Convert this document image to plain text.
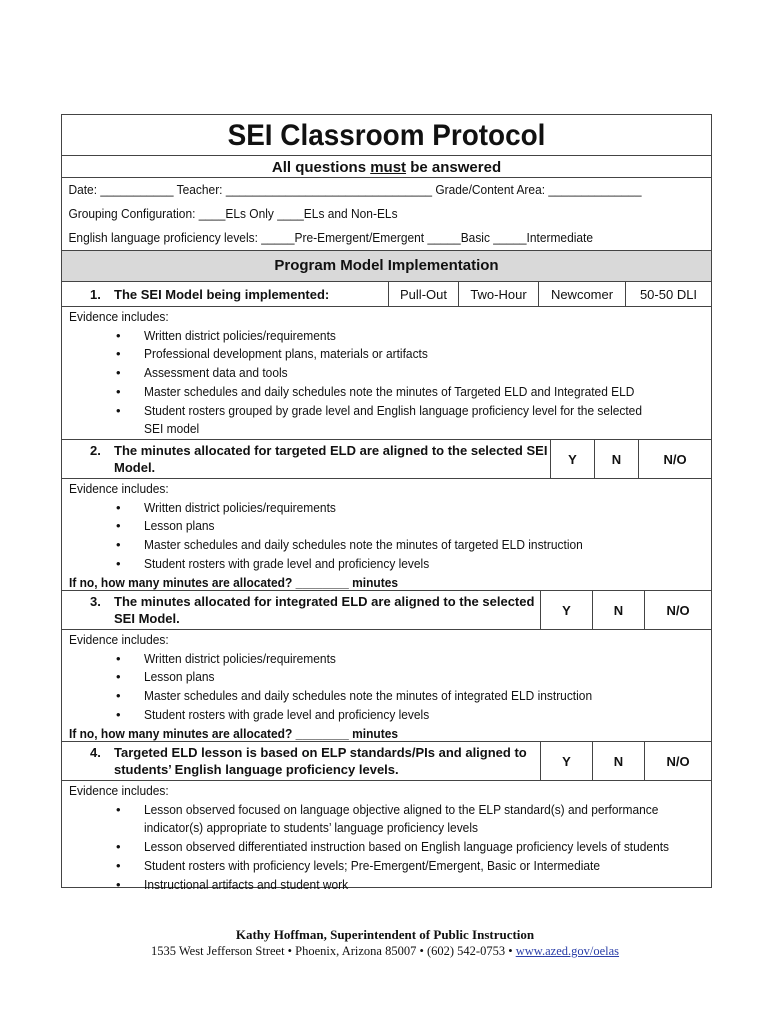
SEI Classroom Protocol
All questions must be answered
Date: ___________ Teacher: _______________________________ Grade/Content Area: ______________
Grouping Configuration: ____ELs Only ____ELs and Non-ELs
English language proficiency levels: _____Pre-Emergent/Emergent _____Basic _____Intermediate
Program Model Implementation
1.	The SEI Model being implemented:	Pull-Out	Two-Hour	Newcomer	50-50 DLI
Evidence includes:
• Written district policies/requirements
• Professional development plans, materials or artifacts
• Assessment data and tools
• Master schedules and daily schedules note the minutes of Targeted ELD and Integrated ELD
• Student rosters grouped by grade level and English language proficiency level for the selected SEI model
2.	The minutes allocated for targeted ELD are aligned to the selected SEI
Model.
Y	N	N/O
Evidence includes:
• Written district policies/requirements
• Lesson plans
• Master schedules and daily schedules note the minutes of targeted ELD instruction
• Student rosters with grade level and proficiency levels
If no, how many minutes are allocated? ________ minutes
3.	The minutes allocated for integrated ELD are aligned to the selected
SEI Model.
Y	N	N/O
Evidence includes:
• Written district policies/requirements
• Lesson plans
• Master schedules and daily schedules note the minutes of integrated ELD instruction
• Student rosters with grade level and proficiency levels
If no, how many minutes are allocated? ________ minutes
4.	Targeted ELD lesson is based on ELP standards/PIs and aligned to
students’ English language proficiency levels.
Y	N	N/O
Evidence includes:
• Lesson observed focused on language objective aligned to the ELP standard(s) and performance indicator(s) appropriate to students’ language proficiency levels
• Lesson observed differentiated instruction based on English language proficiency levels of students
• Student rosters with proficiency levels; Pre-Emergent/Emergent, Basic or Intermediate
• Instructional artifacts and student work
Kathy Hoffman, Superintendent of Public Instruction
1535 West Jefferson Street • Phoenix, Arizona 85007 • (602) 542-0753 • www.azed.gov/oelas
